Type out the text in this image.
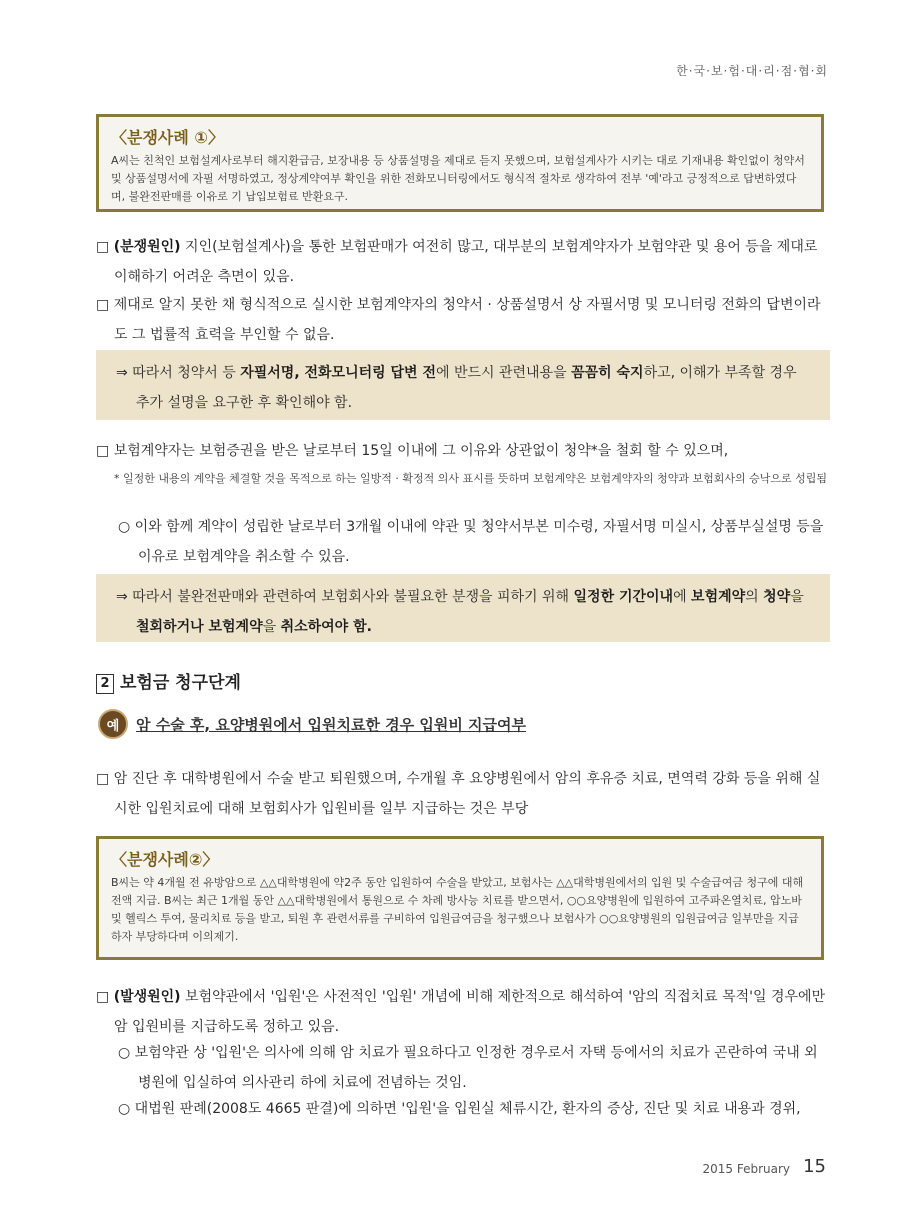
한·국·보·험·대·리·점·협·회
〈분쟁사례 ①〉
A씨는 친척인 보험설계사로부터 해지환급금, 보장내용 등 상품설명을 제대로 듣지 못했으며, 보험설계사가 시키는 대로 기재내용 확인없이 청약서 및 상품설명서에 자필 서명하였고, 정상계약여부 확인을 위한 전화모니터링에서도 형식적 절차로 생각하여 전부 '예'라고 긍정적으로 답변하였다며, 불완전판매를 이유로 기 납입보험료 반환요구.
□ (분쟁원인) 지인(보험설계사)을 통한 보험판매가 여전히 많고, 대부분의 보험계약자가 보험약관 및 용어 등을 제대로 이해하기 어려운 측면이 있음.
□ 제대로 알지 못한 채 형식적으로 실시한 보험계약자의 청약서 · 상품설명서 상 자필서명 및 모니터링 전화의 답변이라도 그 법률적 효력을 부인할 수 없음.
⇒ 따라서 청약서 등 자필서명, 전화모니터링 답변 전에 반드시 관련내용을 꼼꼼히 숙지하고, 이해가 부족할 경우 추가 설명을 요구한 후 확인해야 함.
□ 보험계약자는 보험증권을 받은 날로부터 15일 이내에 그 이유와 상관없이 청약*을 철회 할 수 있으며,
* 일정한 내용의 계약을 체결할 것을 목적으로 하는 일방적 · 확정적 의사 표시를 뜻하며 보험계약은 보험계약자의 청약과 보험회사의 승낙으로 성립됨
○ 이와 함께 계약이 성립한 날로부터 3개월 이내에 약관 및 청약서부본 미수령, 자필서명 미실시, 상품부실설명 등을 이유로 보험계약을 취소할 수 있음.
⇒ 따라서 불완전판매와 관련하여 보험회사와 불필요한 분쟁을 피하기 위해 일정한 기간이내에 보험계약의 청약을 철회하거나 보험계약을 취소하여야 함.
2 보험금 청구단계
예	암 수술 후, 요양병원에서 입원치료한 경우 입원비 지급여부
□ 암 진단 후 대학병원에서 수술 받고 퇴원했으며, 수개월 후 요양병원에서 암의 후유증 치료, 면역력 강화 등을 위해 실시한 입원치료에 대해 보험회사가 입원비를 일부 지급하는 것은 부당
〈분쟁사례②〉
B씨는 약 4개월 전 유방암으로 △△대학병원에 약2주 동안 입원하여 수술을 받았고, 보험사는 △△대학병원에서의 입원 및 수술급여금 청구에 대해 전액 지급. B씨는 최근 1개월 동안 △△대학병원에서 통원으로 수 차례 방사능 치료를 받으면서, ○○요양병원에 입원하여 고주파온열치료, 압노바 및 헬릭스 투여, 물리치료 등을 받고, 퇴원 후 관련서류를 구비하여 입원급여금을 청구했으나 보험사가 ○○요양병원의 입원급여금 일부만을 지급하자 부당하다며 이의제기.
□ (발생원인) 보험약관에서 '입원'은 사전적인 '입원' 개념에 비해 제한적으로 해석하여 '암의 직접치료 목적'일 경우에만 암 입원비를 지급하도록 정하고 있음.
○ 보험약관 상 '입원'은 의사에 의해 암 치료가 필요하다고 인정한 경우로서 자택 등에서의 치료가 곤란하여 국내 외병원에 입실하여 의사관리 하에 치료에 전념하는 것임.
○ 대법원 판례(2008도 4665 판결)에 의하면 '입원'을 입원실 체류시간, 환자의 증상, 진단 및 치료 내용과 경위,
2015 February 15
